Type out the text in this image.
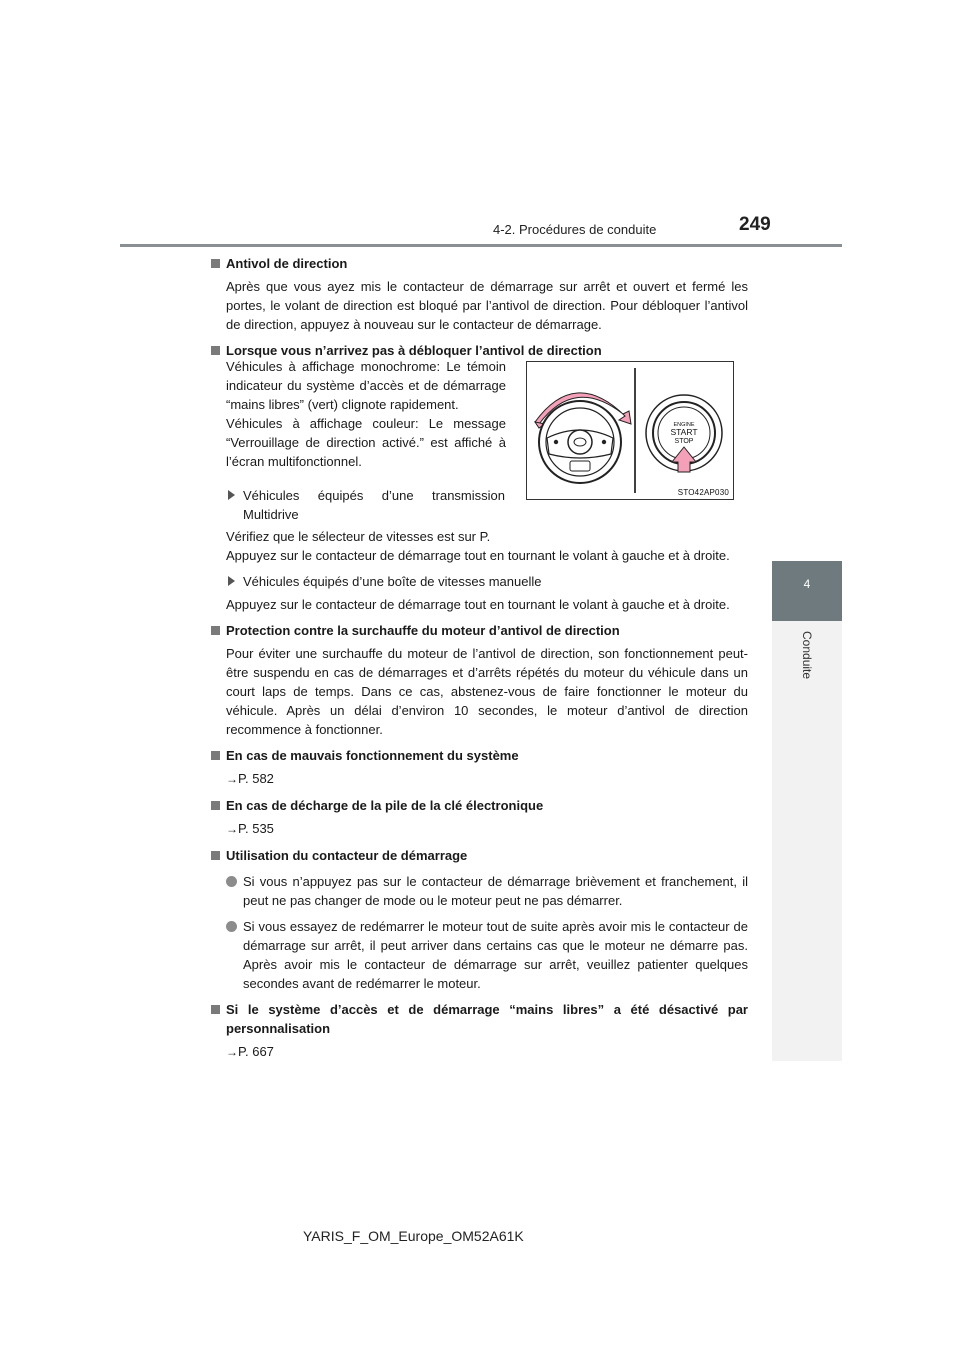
4-2. Procédures de conduite	249
4
Conduite
Antivol de direction
Après que vous ayez mis le contacteur de démarrage sur arrêt et ouvert et fermé les portes, le volant de direction est bloqué par l’antivol de direction. Pour débloquer l’antivol de direction, appuyez à nouveau sur le contacteur de démarrage.
Lorsque vous n’arrivez pas à débloquer l’antivol de direction
Véhicules à affichage monochrome: Le témoin indicateur du système d’accès et de démarrage “mains libres” (vert) clignote rapidement.
Véhicules à affichage couleur: Le message “Verrouillage de direction activé.” est affiché à l’écran multifonctionnel.
Véhicules équipés d’une transmission Multidrive
ENGINE
START
STOP
STO42AP030
Vérifiez que le sélecteur de vitesses est sur P.
Appuyez sur le contacteur de démarrage tout en tournant le volant à gauche et à droite.
Véhicules équipés d’une boîte de vitesses manuelle
Appuyez sur le contacteur de démarrage tout en tournant le volant à gauche et à droite.
Protection contre la surchauffe du moteur d’antivol de direction
Pour éviter une surchauffe du moteur de l’antivol de direction, son fonctionnement peut-être suspendu en cas de démarrages et d’arrêts répétés du moteur du véhicule dans un court laps de temps. Dans ce cas, abstenez-vous de faire fonctionner le moteur du véhicule. Après un délai d’environ 10 secondes, le moteur d’antivol de direction recommence à fonctionner.
En cas de mauvais fonctionnement du système
→P. 582
En cas de décharge de la pile de la clé électronique
→P. 535
Utilisation du contacteur de démarrage
Si vous n’appuyez pas sur le contacteur de démarrage brièvement et franchement, il peut ne pas changer de mode ou le moteur peut ne pas démarrer.
Si vous essayez de redémarrer le moteur tout de suite après avoir mis le contacteur de démarrage sur arrêt, il peut arriver dans certains cas que le moteur ne démarre pas. Après avoir mis le contacteur de démarrage sur arrêt, veuillez patienter quelques secondes avant de redémarrer le moteur.
Si le système d’accès et de démarrage “mains libres” a été désactivé par personnalisation
→P. 667
YARIS_F_OM_Europe_OM52A61K
